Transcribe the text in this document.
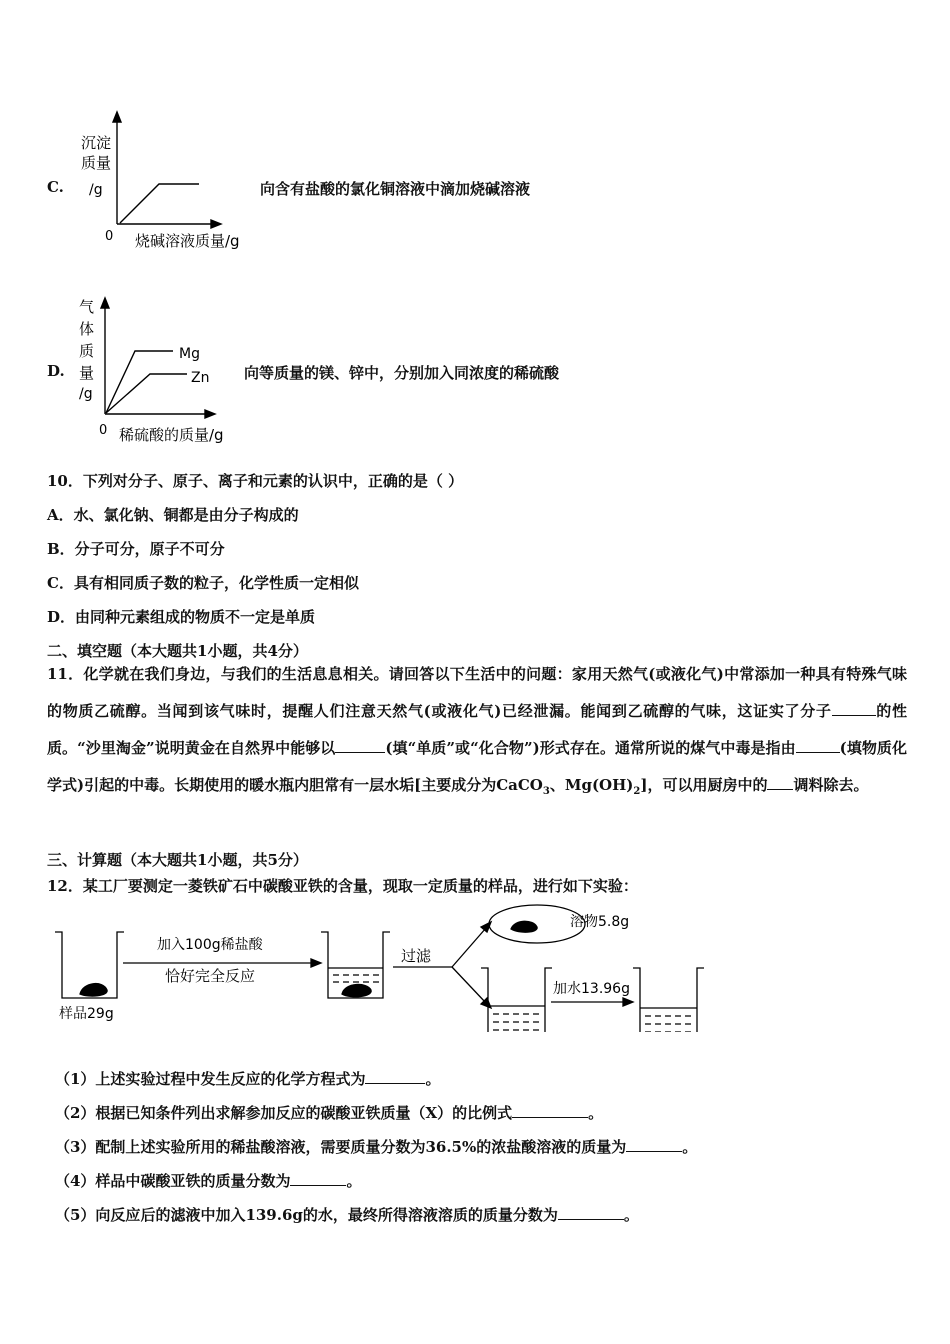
C.
沉淀
质量
/g
0 烧碱溶液质量/g
向含有盐酸的氯化铜溶液中滴加烧碱溶液
D.
气
体
质
量
/g
Mg
Zn
0 稀硫酸的质量/g
向等质量的镁、锌中，分别加入同浓度的稀硫酸
10．下列对分子、原子、离子和元素的认识中，正确的是（ ）
A．水、氯化钠、铜都是由分子构成的
B．分子可分，原子不可分
C．具有相同质子数的粒子，化学性质一定相似
D．由同种元素组成的物质不一定是单质
二、填空题（本大题共1小题，共4分）
11．化学就在我们身边，与我们的生活息息相关。请回答以下生活中的问题：家用天然气(或液化气)中常添加一种具有特殊气味的物质乙硫醇。当闻到该气味时，提醒人们注意天然气(或液化气)已经泄漏。能闻到乙硫醇的气味，这证实了分子	的性质。“沙里淘金”说明黄金在自然界中能够以	(填“单质”或“化合物”)形式存在。通常所说的煤气中毒是指由	(填物质化学式)引起的中毒。长期使用的暖水瓶内胆常有一层水垢[主要成分为CaCO$_3$、$Mg(OH)_2$]，可以用厨房中的 调料除去。
三、计算题（本大题共1小题，共5分）
12．某工厂要测定一菱铁矿石中碳酸亚铁的含量，现取一定质量的样品，进行如下实验：
样品29g
加入100g稀盐酸
恰好完全反应
过滤
溶物5.8g
加水13.96g
（1）上述实验过程中发生反应的化学方程式为	。
（2）根据已知条件列出求解参加反应的碳酸亚铁质量（X）的比例式	。
（3）配制上述实验所用的稀盐酸溶液，需要质量分数为36.5%的浓盐酸溶液的质量为	。
（4）样品中碳酸亚铁的质量分数为	。
（5）向反应后的滤液中加入139.6g的水，最终所得溶液溶质的质量分数为	。
